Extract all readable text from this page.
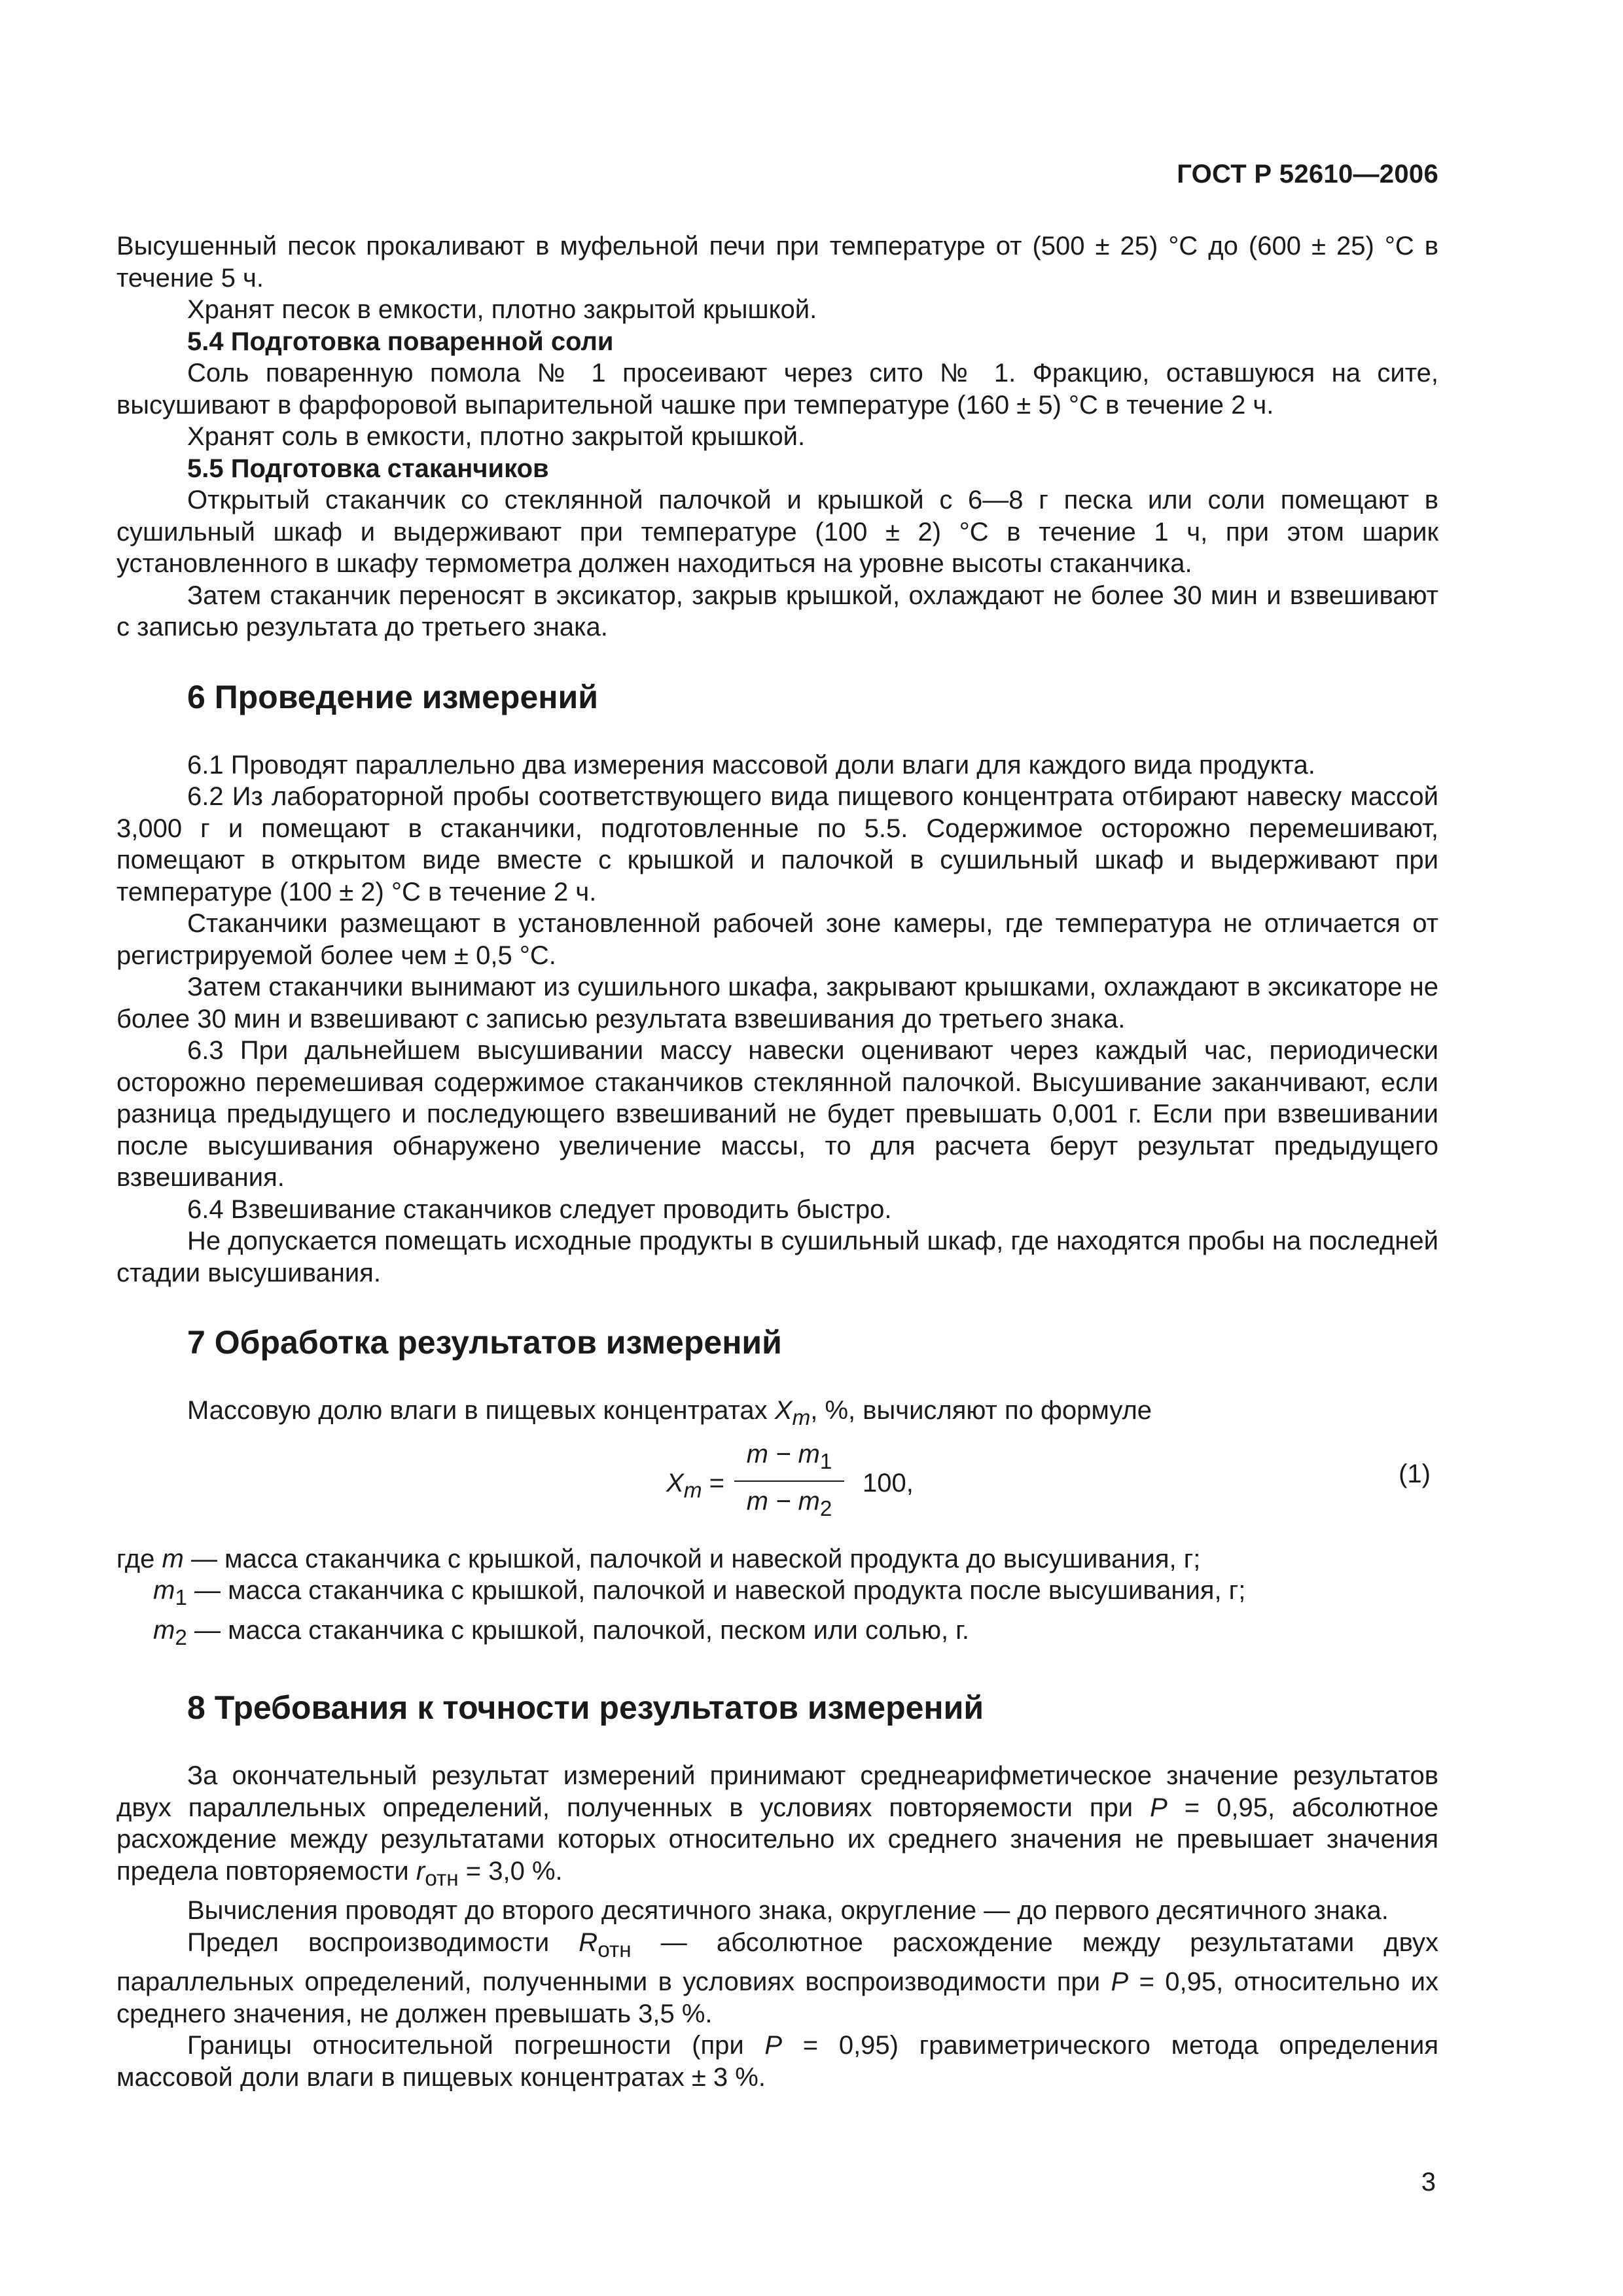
ГОСТ Р 52610—2006

Высушенный песок прокаливают в муфельной печи при температуре от (500 ± 25) °С до (600 ± 25) °С в течение 5 ч.

Хранят песок в емкости, плотно закрытой крышкой.

5.4 Подготовка поваренной соли

Соль поваренную помола № 1 просеивают через сито № 1. Фракцию, оставшуюся на сите, высушивают в фарфоровой выпарительной чашке при температуре (160 ± 5) °С в течение 2 ч.

Хранят соль в емкости, плотно закрытой крышкой.

5.5 Подготовка стаканчиков

Открытый стаканчик со стеклянной палочкой и крышкой с 6—8 г песка или соли помещают в сушильный шкаф и выдерживают при температуре (100 ± 2) °С в течение 1 ч, при этом шарик установленного в шкафу термометра должен находиться на уровне высоты стаканчика.

Затем стаканчик переносят в эксикатор, закрыв крышкой, охлаждают не более 30 мин и взвешивают с записью результата до третьего знака.

6 Проведение измерений

6.1 Проводят параллельно два измерения массовой доли влаги для каждого вида продукта.

6.2 Из лабораторной пробы соответствующего вида пищевого концентрата отбирают навеску массой 3,000 г и помещают в стаканчики, подготовленные по 5.5. Содержимое осторожно перемешивают, помещают в открытом виде вместе с крышкой и палочкой в сушильный шкаф и выдерживают при температуре (100 ± 2) °С в течение 2 ч.

Стаканчики размещают в установленной рабочей зоне камеры, где температура не отличается от регистрируемой более чем ± 0,5 °С.

Затем стаканчики вынимают из сушильного шкафа, закрывают крышками, охлаждают в эксикаторе не более 30 мин и взвешивают с записью результата взвешивания до третьего знака.

6.3 При дальнейшем высушивании массу навески оценивают через каждый час, периодически осторожно перемешивая содержимое стаканчиков стеклянной палочкой. Высушивание заканчивают, если разница предыдущего и последующего взвешиваний не будет превышать 0,001 г. Если при взвешивании после высушивания обнаружено увеличение массы, то для расчета берут результат предыдущего взвешивания.

6.4 Взвешивание стаканчиков следует проводить быстро.

Не допускается помещать исходные продукты в сушильный шкаф, где находятся пробы на последней стадии высушивания.

7 Обработка результатов измерений

Массовую долю влаги в пищевых концентратах $X_m$, %, вычисляют по формуле

$X_m$ =
$m - m_1$
$m - m_2$
100,	(1)

где m — масса стаканчика с крышкой, палочкой и навеской продукта до высушивания, г;

$m_1$ — масса стаканчика с крышкой, палочкой и навеской продукта после высушивания, г;

$m_2$ — масса стаканчика с крышкой, палочкой, песком или солью, г.

8 Требования к точности результатов измерений

За окончательный результат измерений принимают среднеарифметическое значение результатов двух параллельных определений, полученных в условиях повторяемости при P = 0,95, абсолютное расхождение между результатами которых относительно их среднего значения не превышает значения предела повторяемости $r_{отн} = 3,0$ %.

Вычисления проводят до второго десятичного знака, округление — до первого десятичного знака.

Предел воспроизводимости $R_{отн}$ — абсолютное расхождение между результатами двух параллельных определений, полученными в условиях воспроизводимости при P = 0,95, относительно их среднего значения, не должен превышать 3,5 %.

Границы относительной погрешности (при P = 0,95) гравиметрического метода определения массовой доли влаги в пищевых концентратах ± 3 %.

3
